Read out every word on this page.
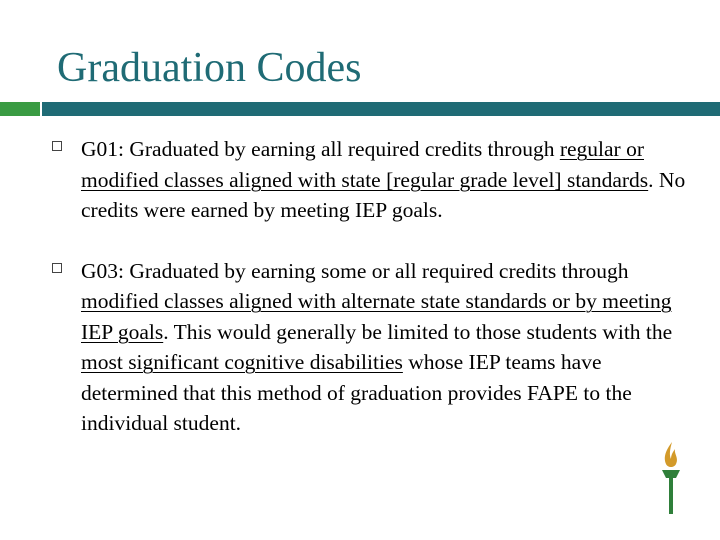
Graduation Codes

G01: Graduated by earning all required credits through regular or modified classes aligned with state [regular grade level] standards. No credits were earned by meeting IEP goals.

G03: Graduated by earning some or all required credits through modified classes aligned with alternate state standards or by meeting IEP goals. This would generally be limited to those students with the most significant cognitive disabilities whose IEP teams have determined that this method of graduation provides FAPE to the individual student.
